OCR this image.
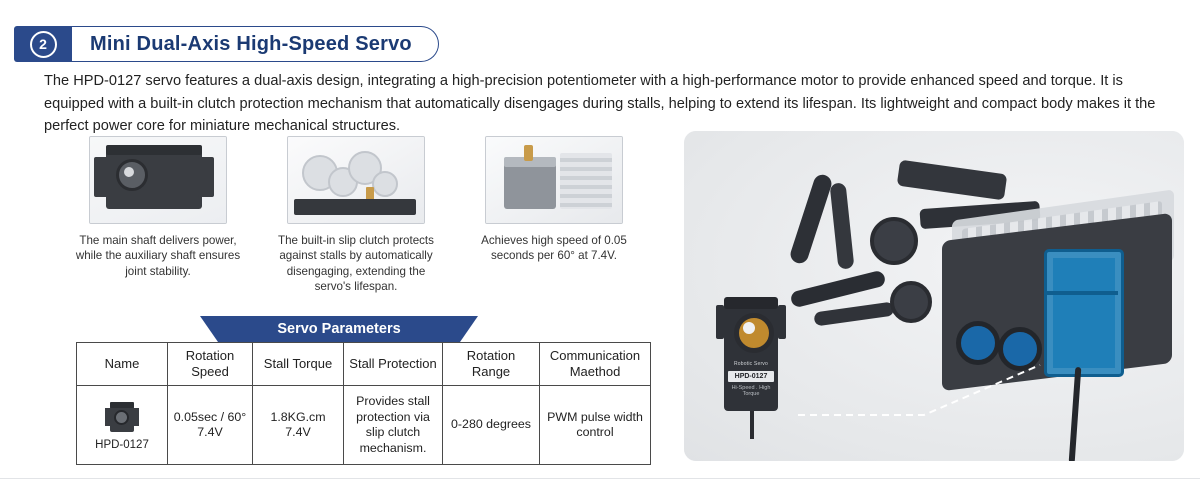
2	Mini Dual-Axis High-Speed Servo
The HPD-0127 servo features a dual-axis design, integrating a high-precision potentiometer with a high-performance motor to provide enhanced speed and torque. It is equipped with a built-in clutch protection mechanism that automatically disengages during stalls, helping to extend its lifespan. Its lightweight and compact body makes it the perfect power core for miniature mechanical structures.
The main shaft delivers power, while the auxiliary shaft ensures joint stability.
The built-in slip clutch protects against stalls by automatically disengaging, extending the servo's lifespan.
Achieves high speed of 0.05 seconds per 60° at 7.4V.
Servo Parameters
Name	Rotation Speed	Stall Torque	Stall Protection	Rotation Range	Communication Maethod

HPD-0127	0.05sec / 60° 7.4V	1.8KG.cm 7.4V	Provides stall protection via slip clutch mechanism.	0-280 degrees	PWM pulse width control
Robotic Servo
HPD-0127
Hi-Speed . High Torque
